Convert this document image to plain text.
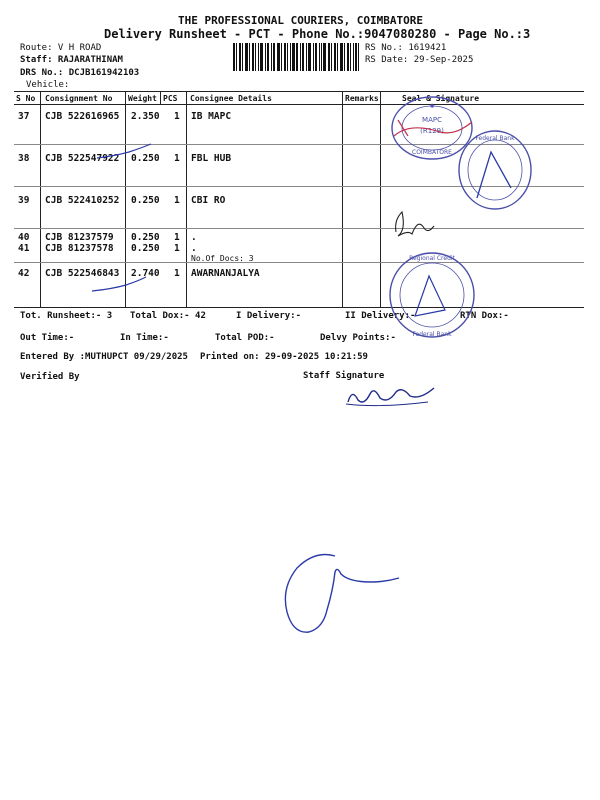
THE PROFESSIONAL COURIERS, COIMBATORE
Delivery Runsheet - PCT - Phone No.:9047080280 - Page No.:3
Route: V H ROAD
Staff: RAJARATHINAM
DRS No.: DCJB161942103
Vehicle:
RS No.: 1619421
RS Date: 29-Sep-2025
S No Consignment No Weight PCS Consignee Details	Remarks	Seal & Signature
37 CJB 522616965 2.350 1 IB MAPC
38 CJB 522547922 0.250 1 FBL HUB
39 CJB 522410252 0.250 1 CBI RO
40 CJB 81237579 0.250 1 .
41 CJB 81237578 0.250 1 .
No.Of Docs: 3
42 CJB 522546843 2.740 1 AWARNANJALYA
Tot. Runsheet:- 3 Total Dox:- 42	I Delivery:-	II Delivery:-	RTN Dox:-
Out Time:-	In Time:-	Total POD:-	Delvy Points:-
Entered By :MUTHUPCT 09/29/2025 Printed on: 29-09-2025 10:21:59
Verified By	Staff Signature
✺
MAPC
(R129)
COIMBATORE
Federal Bank
Regional Credit
Federal Bank
